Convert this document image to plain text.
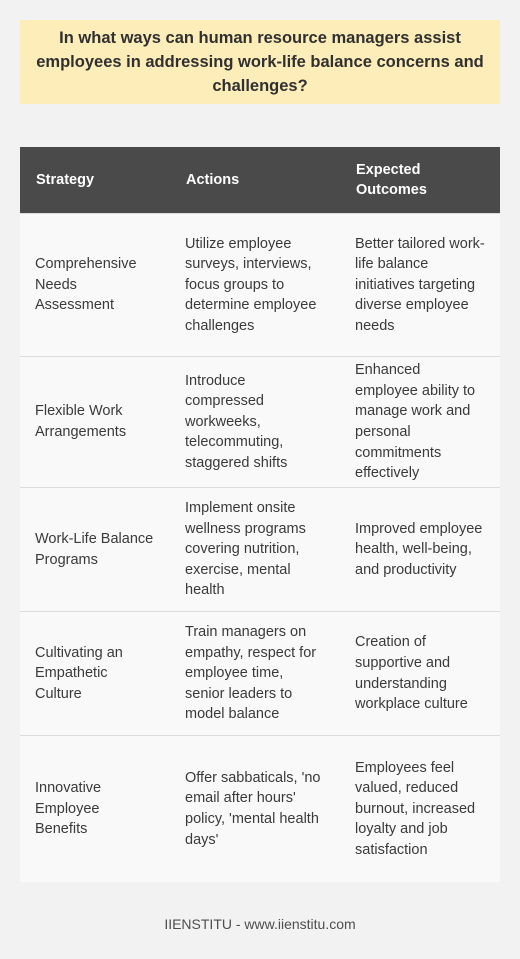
In what ways can human resource managers assist employees in addressing work-life balance concerns and challenges?
Strategy	Actions	Expected Outcomes
Comprehensive Needs Assessment	Utilize employee surveys, interviews, focus groups to determine employee challenges	Better tailored work-life balance initiatives targeting diverse employee needs
Flexible Work Arrangements	Introduce compressed workweeks, telecommuting, staggered shifts	Enhanced employee ability to manage work and personal commitments effectively
Work-Life Balance Programs	Implement onsite wellness programs covering nutrition, exercise, mental health	Improved employee health, well-being, and productivity
Cultivating an Empathetic Culture	Train managers on empathy, respect for employee time, senior leaders to model balance	Creation of supportive and understanding workplace culture
Innovative Employee Benefits	Offer sabbaticals, 'no email after hours' policy, 'mental health days'	Employees feel valued, reduced burnout, increased loyalty and job satisfaction
IIENSTITU - www.iienstitu.com
